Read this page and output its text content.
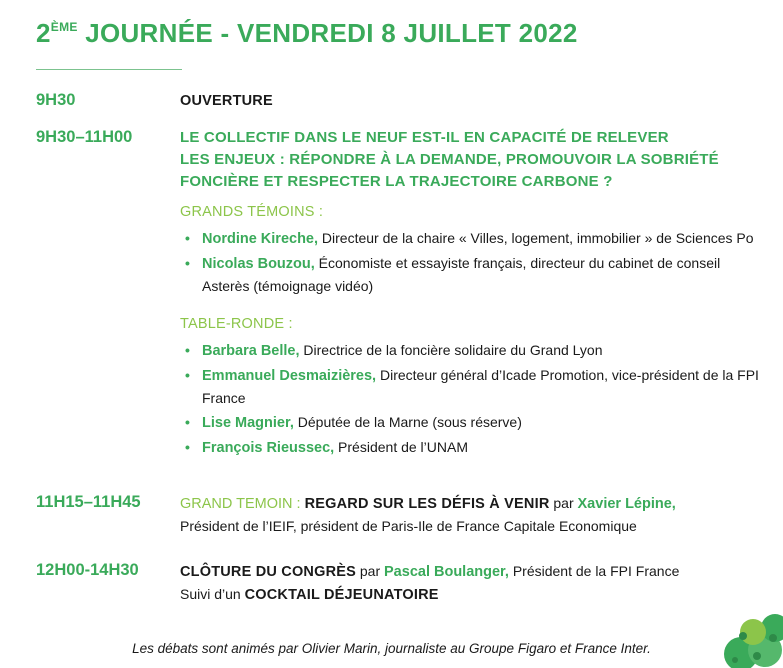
2ÈME JOURNÉE - VENDREDI 8 JUILLET 2022
9H30	OUVERTURE
9H30–11H00	LE COLLECTIF DANS LE NEUF EST-IL EN CAPACITÉ DE RELEVER
LES ENJEUX : RÉPONDRE À LA DEMANDE, PROMOUVOIR LA SOBRIÉTÉ
FONCIÈRE ET RESPECTER LA TRAJECTOIRE CARBONE ?
GRANDS TÉMOINS :
• Nordine Kireche, Directeur de la chaire « Villes, logement, immobilier » de Sciences Po
• Nicolas Bouzou, Économiste et essayiste français, directeur du cabinet de conseil Asterès (témoignage vidéo)
TABLE-RONDE :
• Barbara Belle, Directrice de la foncière solidaire du Grand Lyon
• Emmanuel Desmaizières, Directeur général d’Icade Promotion, vice-président de la FPI France
• Lise Magnier, Députée de la Marne (sous réserve)
• François Rieussec, Président de l’UNAM
11H15–11H45	GRAND TEMOIN : REGARD SUR LES DÉFIS À VENIR par Xavier Lépine,
Président de l’IEIF, président de Paris-Ile de France Capitale Economique
12H00-14H30	CLÔTURE DU CONGRÈS par Pascal Boulanger, Président de la FPI France
Suivi d’un COCKTAIL DÉJEUNATOIRE
Les débats sont animés par Olivier Marin, journaliste au Groupe Figaro et France Inter.
